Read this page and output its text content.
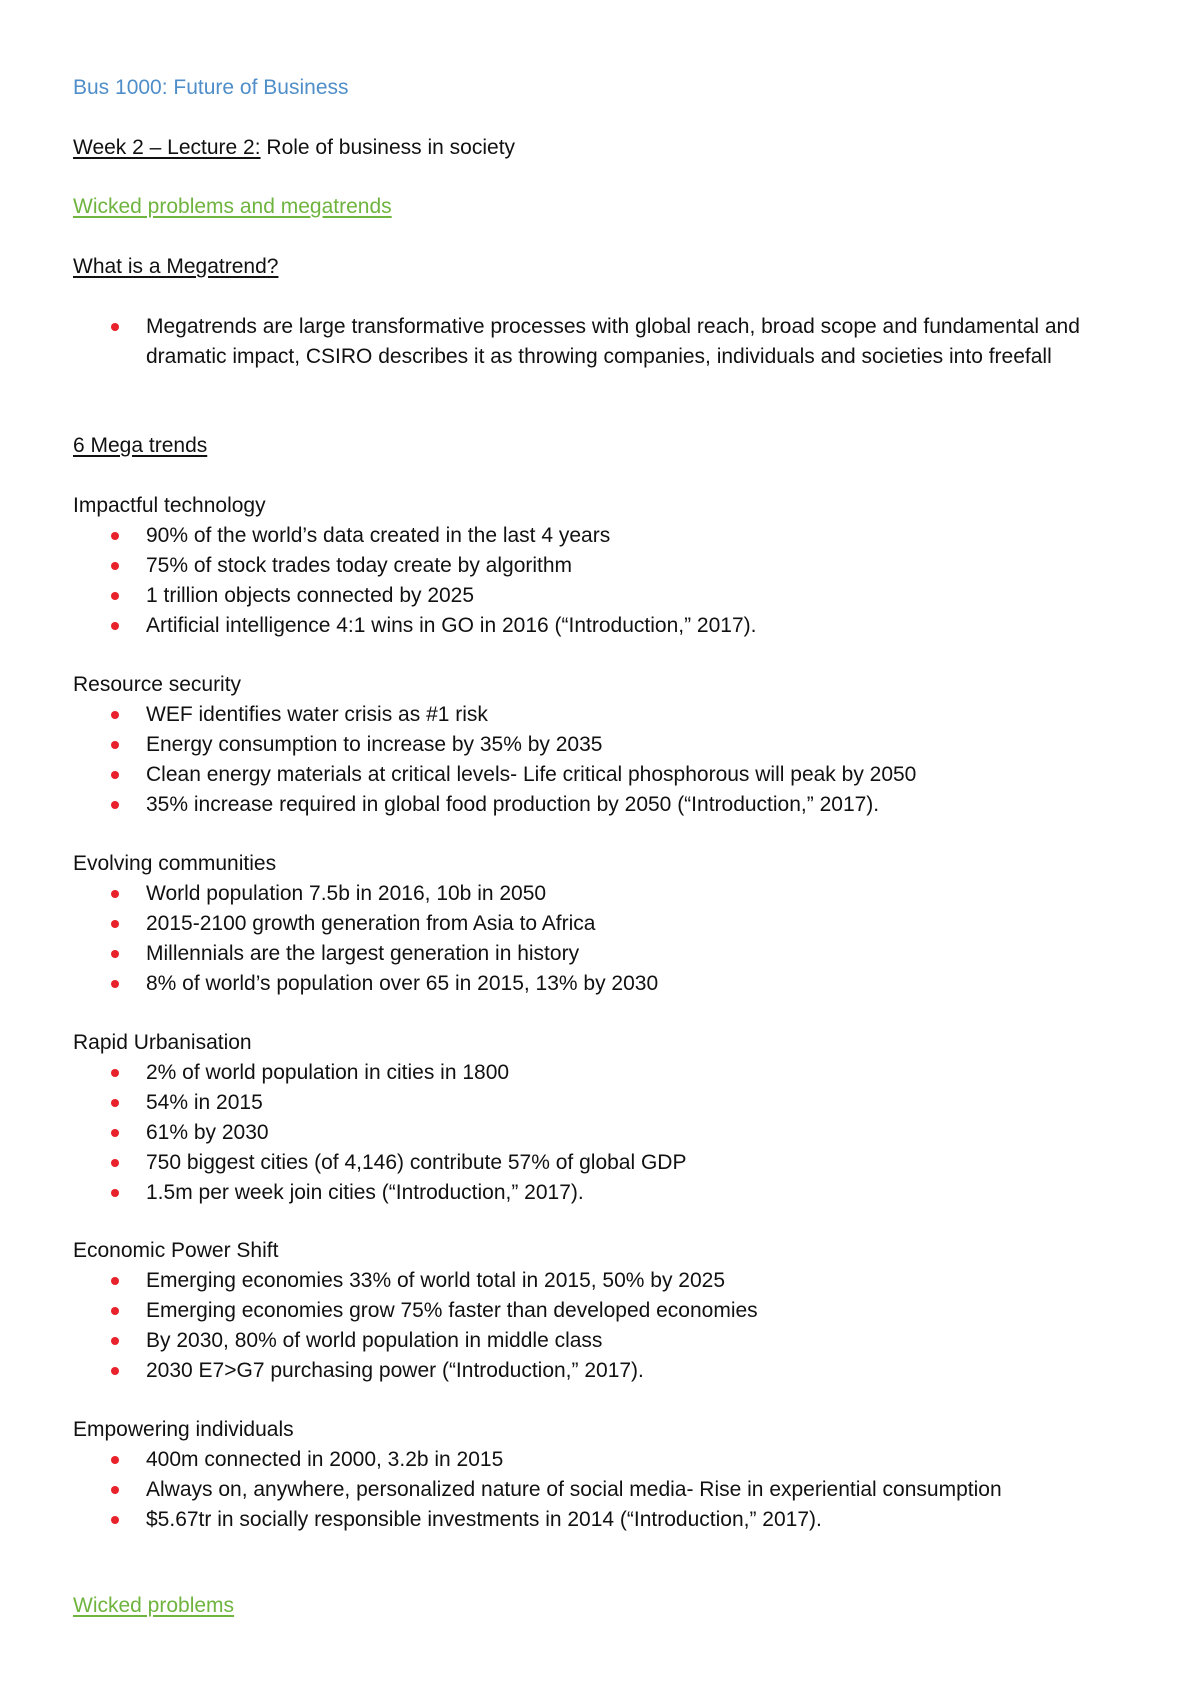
Bus 1000: Future of Business
Week 2 – Lecture 2: Role of business in society
Wicked problems and megatrends
What is a Megatrend?
Megatrends are large transformative processes with global reach, broad scope and fundamental and dramatic impact, CSIRO describes it as throwing companies, individuals and societies into freefall
6 Mega trends
Impactful technology
90% of the world’s data created in the last 4 years
75% of stock trades today create by algorithm
1 trillion objects connected by 2025
Artificial intelligence 4:1 wins in GO in 2016 (“Introduction,” 2017).
Resource security
WEF identifies water crisis as #1 risk
Energy consumption to increase by 35% by 2035
Clean energy materials at critical levels- Life critical phosphorous will peak by 2050
35% increase required in global food production by 2050 (“Introduction,” 2017).
Evolving communities
World population 7.5b in 2016, 10b in 2050
2015-2100 growth generation from Asia to Africa
Millennials are the largest generation in history
8% of world’s population over 65 in 2015, 13% by 2030
Rapid Urbanisation
2% of world population in cities in 1800
54% in 2015
61% by 2030
750 biggest cities (of 4,146) contribute 57% of global GDP
1.5m per week join cities (“Introduction,” 2017).
Economic Power Shift
Emerging economies 33% of world total in 2015, 50% by 2025
Emerging economies grow 75% faster than developed economies
By 2030, 80% of world population in middle class
2030 E7>G7 purchasing power (“Introduction,” 2017).
Empowering individuals
400m connected in 2000, 3.2b in 2015
Always on, anywhere, personalized nature of social media- Rise in experiential consumption
$5.67tr in socially responsible investments in 2014 (“Introduction,” 2017).
Wicked problems
